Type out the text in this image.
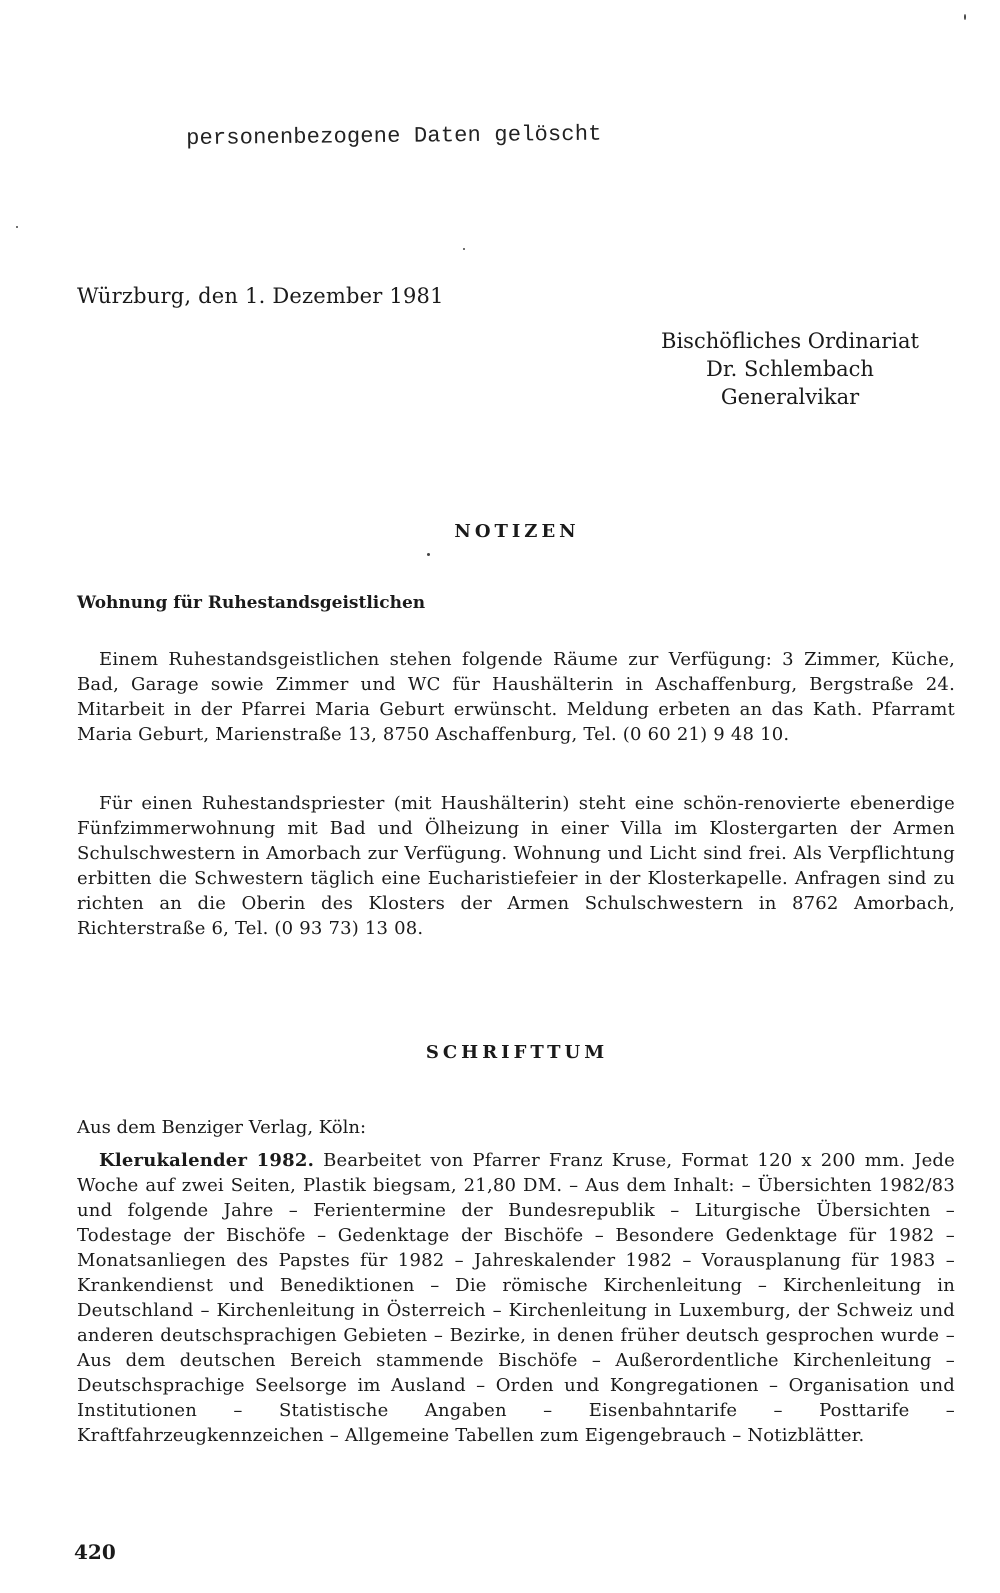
personenbezogene Daten gelöscht
Würzburg, den 1. Dezember 1981
Bischöfliches Ordinariat
Dr. Schlembach
Generalvikar
NOTIZEN
Wohnung für Ruhestandsgeistlichen

Einem Ruhestandsgeistlichen stehen folgende Räume zur Verfügung: 3 Zimmer, Küche, Bad, Garage sowie Zimmer und WC für Haushälterin in Aschaffenburg, Bergstraße 24. Mitarbeit in der Pfarrei Maria Geburt erwünscht. Meldung erbeten an das Kath. Pfarramt Maria Geburt, Marienstraße 13, 8750 Aschaffenburg, Tel. (0 60 21) 9 48 10.

Für einen Ruhestandspriester (mit Haushälterin) steht eine schön-renovierte ebenerdige Fünfzimmerwohnung mit Bad und Ölheizung in einer Villa im Klostergarten der Armen Schulschwestern in Amorbach zur Verfügung. Wohnung und Licht sind frei. Als Verpflichtung erbitten die Schwestern täglich eine Eucharistiefeier in der Klosterkapelle. Anfragen sind zu richten an die Oberin des Klosters der Armen Schulschwestern in 8762 Amorbach, Richterstraße 6, Tel. (0 93 73) 13 08.

SCHRIFTTUM
Aus dem Benziger Verlag, Köln:

Klerukalender 1982. Bearbeitet von Pfarrer Franz Kruse, Format 120 x 200 mm. Jede Woche auf zwei Seiten, Plastik biegsam, 21,80 DM. – Aus dem Inhalt: – Übersichten 1982/83 und folgende Jahre – Ferientermine der Bundesrepublik – Liturgische Übersichten – Todestage der Bischöfe – Gedenktage der Bischöfe – Besondere Gedenktage für 1982 – Monatsanliegen des Papstes für 1982 – Jahreskalender 1982 – Vorausplanung für 1983 – Krankendienst und Benediktionen – Die römische Kirchenleitung – Kirchenleitung in Deutschland – Kirchenleitung in Österreich – Kirchenleitung in Luxemburg, der Schweiz und anderen deutschsprachigen Gebieten – Bezirke, in denen früher deutsch gesprochen wurde – Aus dem deutschen Bereich stammende Bischöfe – Außerordentliche Kirchenleitung – Deutschsprachige Seelsorge im Ausland – Orden und Kongregationen – Organisation und Institutionen – Statistische Angaben – Eisenbahntarife – Posttarife – Kraftfahrzeugkennzeichen – Allgemeine Tabellen zum Eigengebrauch – Notizblätter.

420
